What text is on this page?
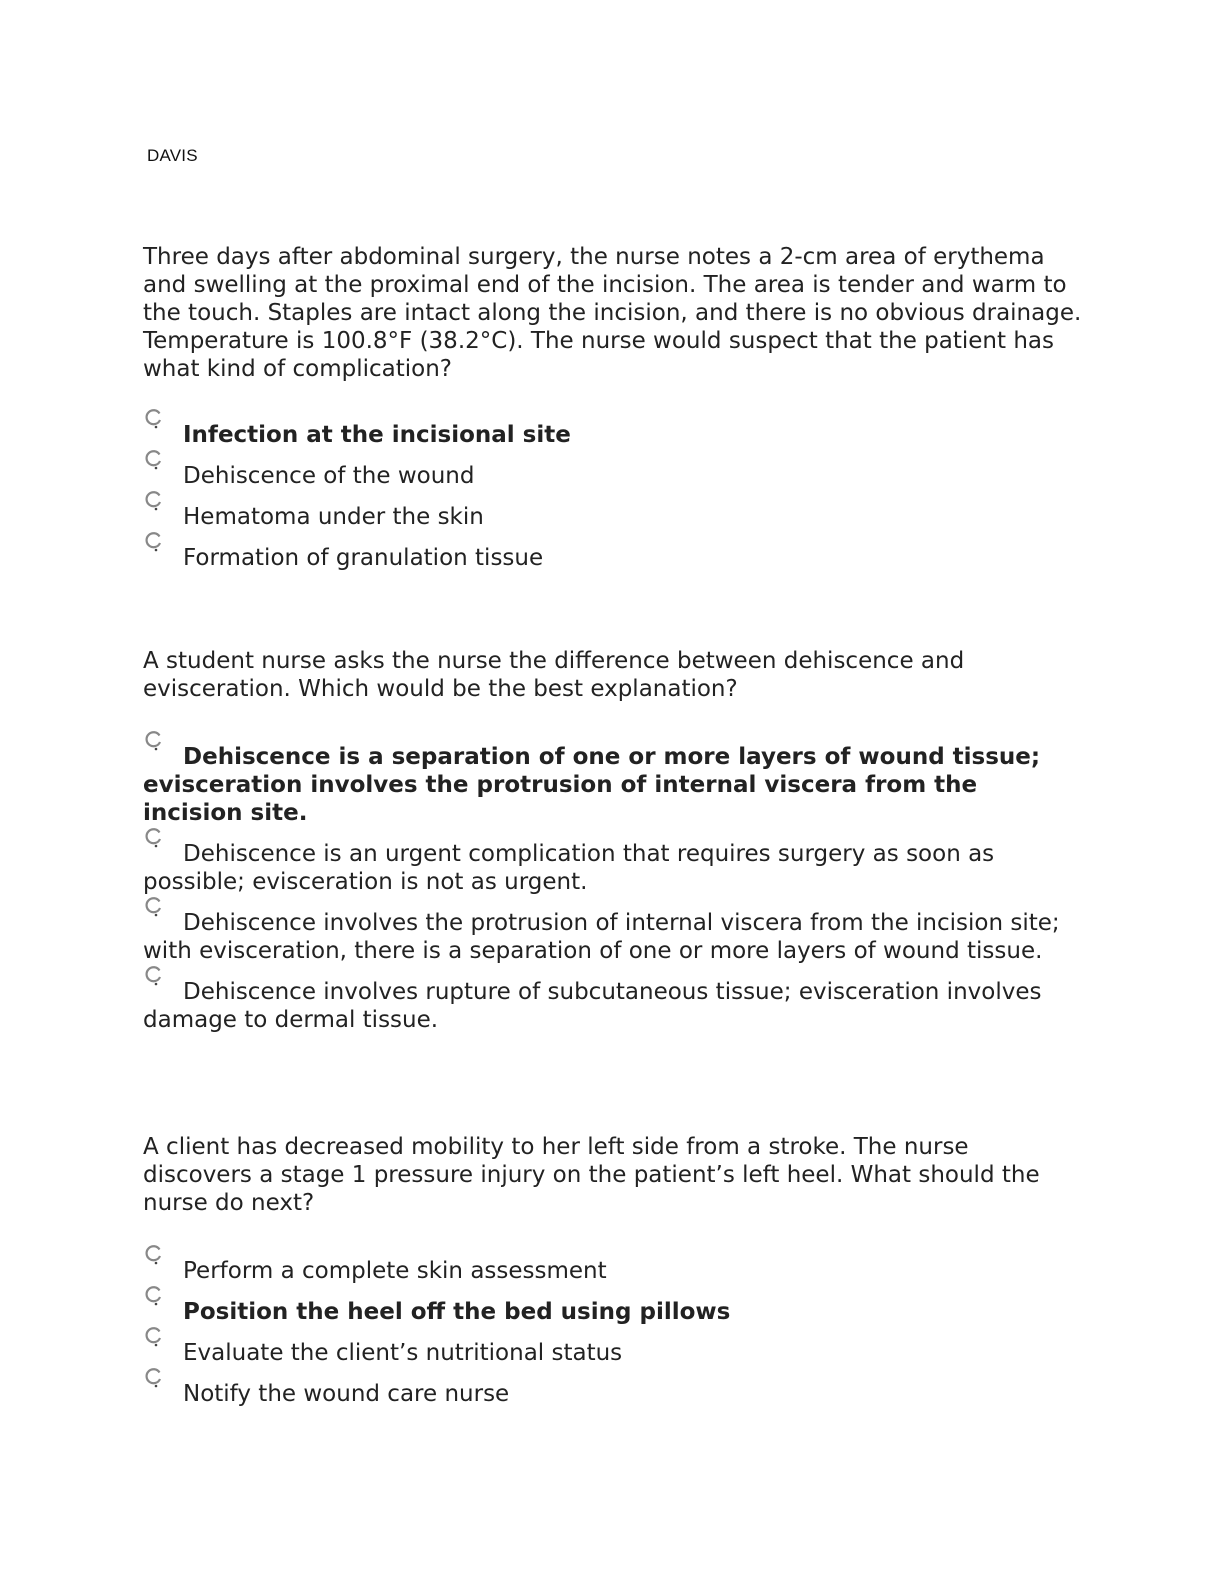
DAVIS

Three days after abdominal surgery, the nurse notes a 2-cm area of erythema and swelling at the proximal end of the incision. The area is tender and warm to the touch. Staples are intact along the incision, and there is no obvious drainage. Temperature is 100.8°F (38.2°C). The nurse would suspect that the patient has what kind of complication?

Infection at the incisional site
Dehiscence of the wound
Hematoma under the skin
Formation of granulation tissue

A student nurse asks the nurse the difference between dehiscence and evisceration. Which would be the best explanation?

Dehiscence is a separation of one or more layers of wound tissue; evisceration involves the protrusion of internal viscera from the incision site.
Dehiscence is an urgent complication that requires surgery as soon as possible; evisceration is not as urgent.
Dehiscence involves the protrusion of internal viscera from the incision site; with evisceration, there is a separation of one or more layers of wound tissue.
Dehiscence involves rupture of subcutaneous tissue; evisceration involves damage to dermal tissue.

A client has decreased mobility to her left side from a stroke. The nurse discovers a stage 1 pressure injury on the patient’s left heel. What should the nurse do next?

Perform a complete skin assessment
Position the heel off the bed using pillows
Evaluate the client’s nutritional status
Notify the wound care nurse
